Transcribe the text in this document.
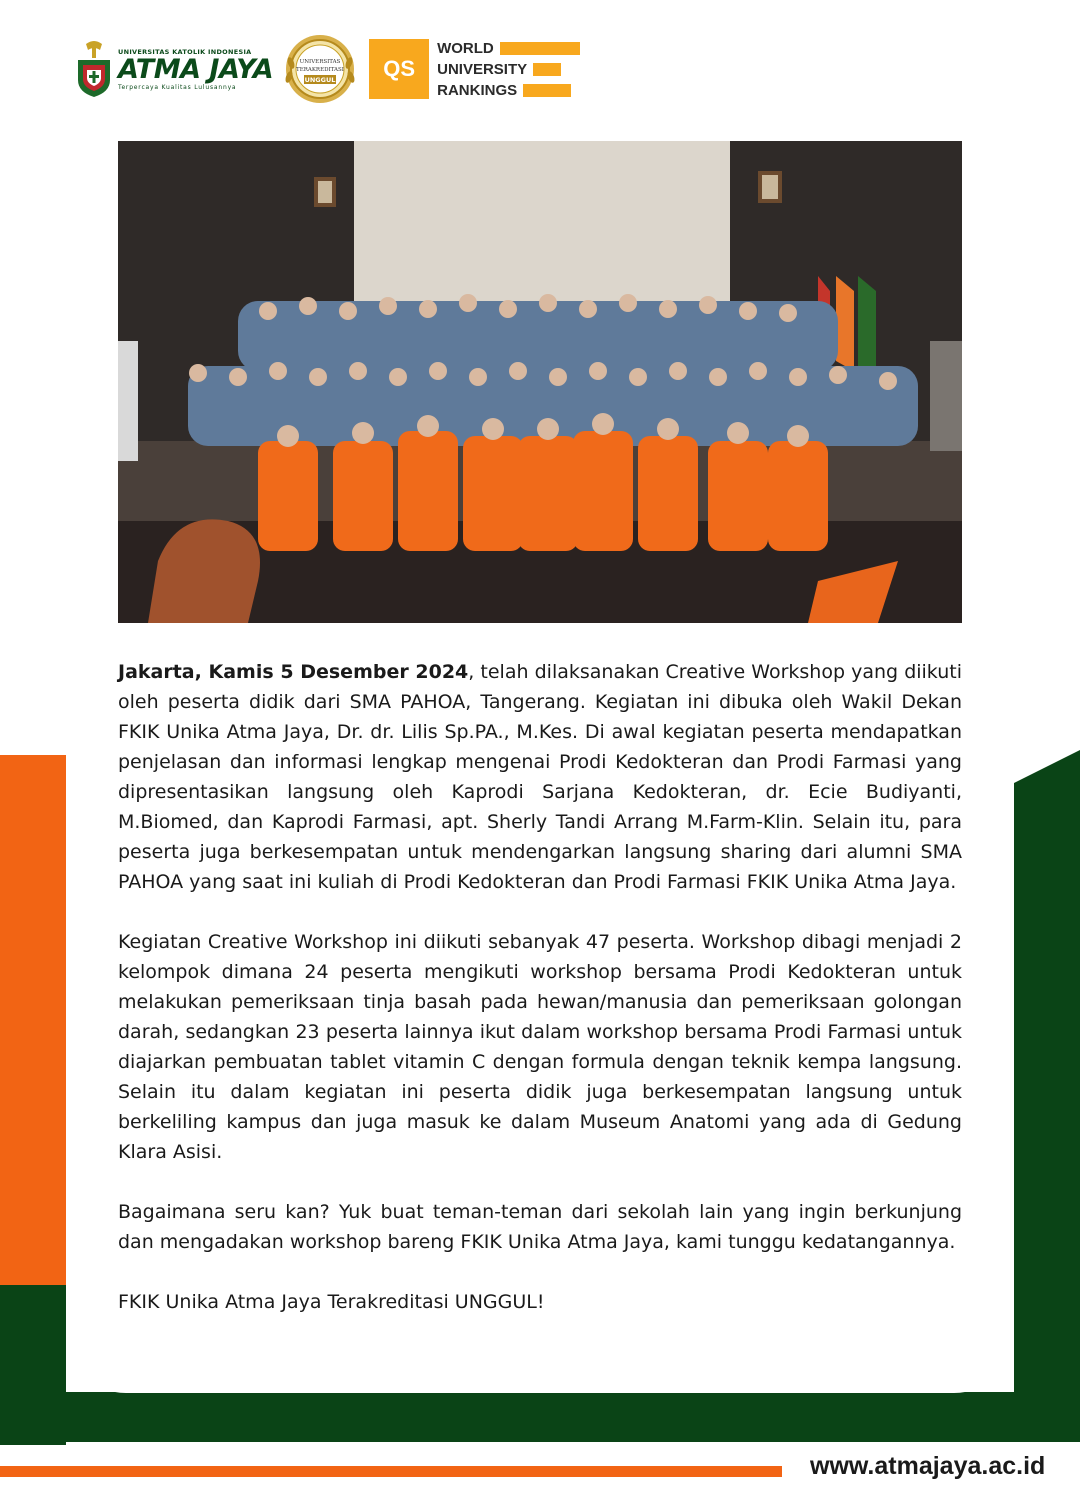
UNIVERSITAS KATOLIK INDONESIA
ATMA JAYA
Terpercaya Kualitas Lulusannya
UNIVERSITAS
TERAKREDITASI
UNGGUL QS
WORLD
UNIVERSITY
RANKINGS

Jakarta, Kamis 5 Desember 2024, telah dilaksanakan Creative Workshop yang diikuti oleh peserta didik dari SMA PAHOA, Tangerang. Kegiatan ini dibuka oleh Wakil Dekan FKIK Unika Atma Jaya, Dr. dr. Lilis Sp.PA., M.Kes. Di awal kegiatan peserta mendapatkan penjelasan dan informasi lengkap mengenai Prodi Kedokteran dan Prodi Farmasi yang dipresentasikan langsung oleh Kaprodi Sarjana Kedokteran, dr. Ecie Budiyanti, M.Biomed, dan Kaprodi Farmasi, apt. Sherly Tandi Arrang M.Farm-Klin. Selain itu, para peserta juga berkesempatan untuk mendengarkan langsung sharing dari alumni SMA PAHOA yang saat ini kuliah di Prodi Kedokteran dan Prodi Farmasi FKIK Unika Atma Jaya.

Kegiatan Creative Workshop ini diikuti sebanyak 47 peserta. Workshop dibagi menjadi 2 kelompok dimana 24 peserta mengikuti workshop bersama Prodi Kedokteran untuk melakukan pemeriksaan tinja basah pada hewan/manusia dan pemeriksaan golongan darah, sedangkan 23 peserta lainnya ikut dalam workshop bersama Prodi Farmasi untuk diajarkan pembuatan tablet vitamin C dengan formula dengan teknik kempa langsung. Selain itu dalam kegiatan ini peserta didik juga berkesempatan langsung untuk berkeliling kampus dan juga masuk ke dalam Museum Anatomi yang ada di Gedung Klara Asisi.

Bagaimana seru kan? Yuk buat teman-teman dari sekolah lain yang ingin berkunjung dan mengadakan workshop bareng FKIK Unika Atma Jaya, kami tunggu kedatangannya.

FKIK Unika Atma Jaya Terakreditasi UNGGUL!

www.atmajaya.ac.id
